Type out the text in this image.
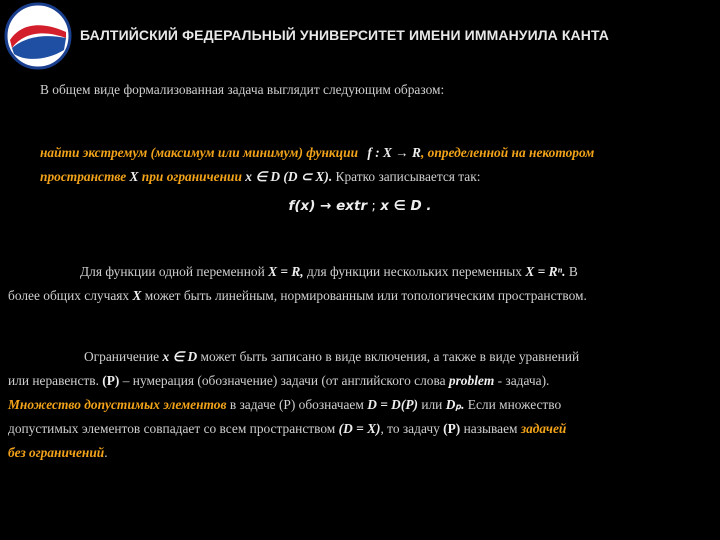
БАЛТИЙСКИЙ ФЕДЕРАЛЬНЫЙ УНИВЕРСИТЕТ ИМЕНИ ИММАНУИЛА КАНТА
В общем виде формализованная задача выглядит следующим образом:
найти экстремум (максимум или минимум) функции f : X → R, определенной на некотором
пространстве X при ограничении x ∈ D (D ⊂ X). Кратко записывается так:
f(x) → extr ; x ∈ D .
Для функции одной переменной X = R, для функции нескольких переменных X = Rⁿ. В
более общих случаях X может быть линейным, нормированным или топологическим пространством.
Ограничение x ∈ D может быть записано в виде включения, а также в виде уравнений
или неравенств. (P) – нумерация (обозначение) задачи (от английского слова problem - задача).
Множество допустимых элементов в задаче (P) обозначаем D = D(P) или Dₚ. Если множество
допустимых элементов совпадает со всем пространством (D = X), то задачу (P) называем задачей
без ограничений.
